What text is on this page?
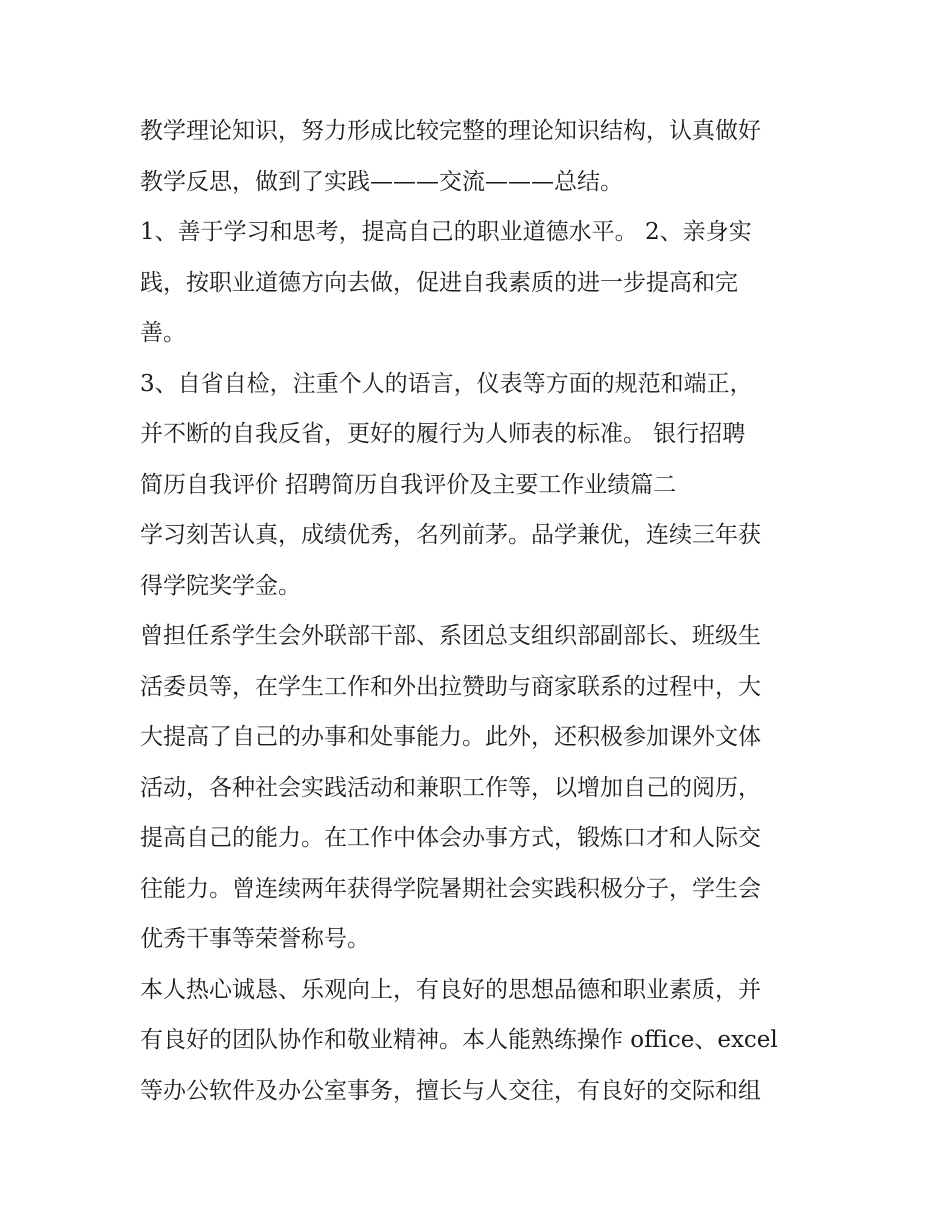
教学理论知识，努力形成比较完整的理论知识结构，认真做好

教学反思，做到了实践———交流———总结。

1、善于学习和思考，提高自己的职业道德水平。 2、亲身实

践，按职业道德方向去做，促进自我素质的进一步提高和完

善。

3、自省自检，注重个人的语言，仪表等方面的规范和端正，

并不断的自我反省，更好的履行为人师表的标准。 银行招聘

简历自我评价 招聘简历自我评价及主要工作业绩篇二

学习刻苦认真，成绩优秀，名列前茅。品学兼优，连续三年获

得学院奖学金。

曾担任系学生会外联部干部、系团总支组织部副部长、班级生

活委员等，在学生工作和外出拉赞助与商家联系的过程中，大

大提高了自己的办事和处事能力。此外，还积极参加课外文体

活动，各种社会实践活动和兼职工作等，以增加自己的阅历，

提高自己的能力。在工作中体会办事方式，锻炼口才和人际交

往能力。曾连续两年获得学院暑期社会实践积极分子，学生会

优秀干事等荣誉称号。

本人热心诚恳、乐观向上，有良好的思想品德和职业素质，并

有良好的团队协作和敬业精神。本人能熟练操作 office、excel

等办公软件及办公室事务，擅长与人交往，有良好的交际和组
